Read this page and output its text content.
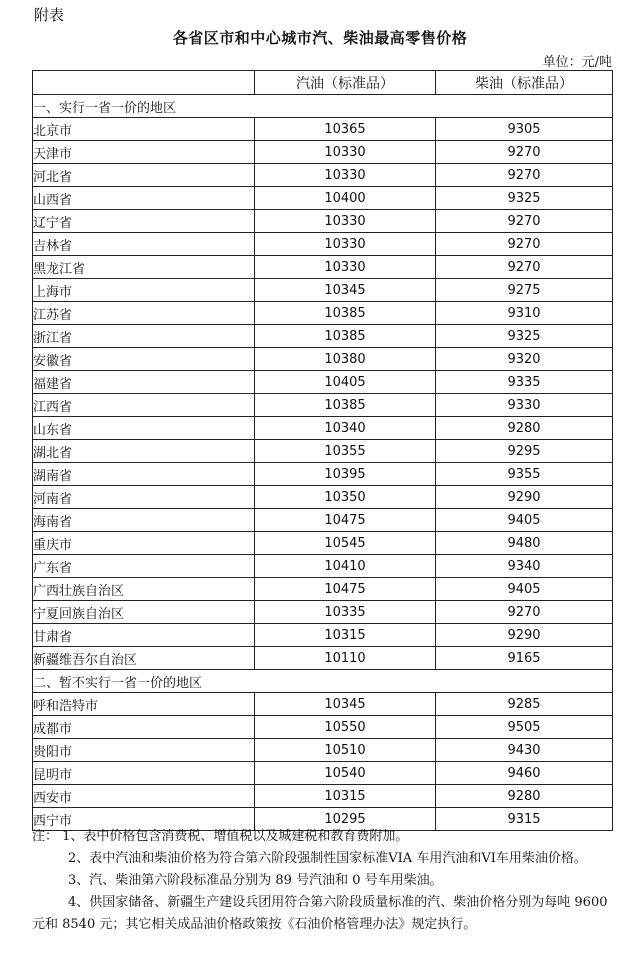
附表
各省区市和中心城市汽、柴油最高零售价格
单位：元/吨
	汽油（标准品）	柴油（标准品）
一、实行一省一价的地区		
北京市	10365	9305
天津市	10330	9270
河北省	10330	9270
山西省	10400	9325
辽宁省	10330	9270
吉林省	10330	9270
黑龙江省	10330	9270
上海市	10345	9275
江苏省	10385	9310
浙江省	10385	9325
安徽省	10380	9320
福建省	10405	9335
江西省	10385	9330
山东省	10340	9280
湖北省	10355	9295
湖南省	10395	9355
河南省	10350	9290
海南省	10475	9405
重庆市	10545	9480
广东省	10410	9340
广西壮族自治区	10475	9405
宁夏回族自治区	10335	9270
甘肃省	10315	9290
新疆维吾尔自治区	10110	9165
二、暂不实行一省一价的地区		
呼和浩特市	10345	9285
成都市	10550	9505
贵阳市	10510	9430
昆明市	10540	9460
西安市	10315	9280
西宁市	10295	9315

注： 1、表中价格包含消费税、增值税以及城建税和教育费附加。

2、表中汽油和柴油价格为符合第六阶段强制性国家标准VIA 车用汽油和VI车用柴油价格。

3、汽、柴油第六阶段标准品分别为 89 号汽油和 0 号车用柴油。

4、供国家储备、新疆生产建设兵团用符合第六阶段质量标准的汽、柴油价格分别为每吨 9600 元和 8540 元；其它相关成品油价格政策按《石油价格管理办法》规定执行。
